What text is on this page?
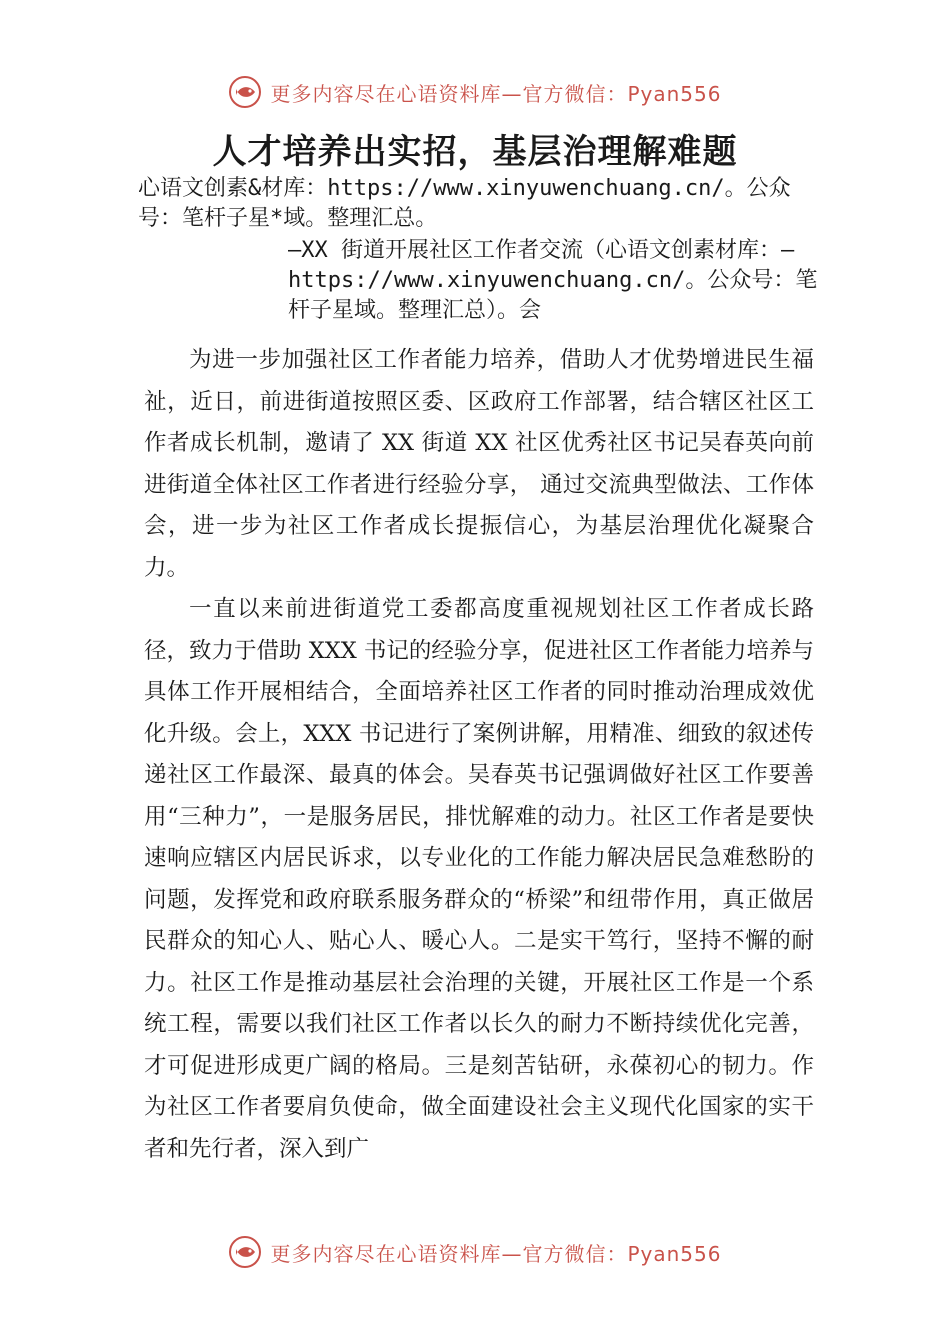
更多内容尽在心语资料库—官方微信：Pyan556
人才培养出实招，基层治理解难题
心语文创素&材库：https://www.xinyuwenchuang.cn/。公众号：笔杆子星*域。整理汇总。
—XX 街道开展社区工作者交流（心语文创素材库：—https://www.xinyuwenchuang.cn/。公众号：笔杆子星域。整理汇总）。会

为进一步加强社区工作者能力培养，借助人才优势增进民生福祉，近日，前进街道按照区委、区政府工作部署，结合辖区社区工作者成长机制，邀请了 XX 街道 XX 社区优秀社区书记吴春英向前进街道全体社区工作者进行经验分享， 通过交流典型做法、工作体会，进一步为社区工作者成长提振信心，为基层治理优化凝聚合力。

一直以来前进街道党工委都高度重视规划社区工作者成长路径，致力于借助 XXX 书记的经验分享，促进社区工作者能力培养与具体工作开展相结合，全面培养社区工作者的同时推动治理成效优化升级。会上，XXX 书记进行了案例讲解，用精准、细致的叙述传递社区工作最深、最真的体会。吴春英书记强调做好社区工作要善用“三种力”，一是服务居民，排忧解难的动力。社区工作者是要快速响应辖区内居民诉求，以专业化的工作能力解决居民急难愁盼的问题，发挥党和政府联系服务群众的“桥梁”和纽带作用，真正做居民群众的知心人、贴心人、暖心人。二是实干笃行，坚持不懈的耐力。社区工作是推动基层社会治理的关键，开展社区工作是一个系统工程，需要以我们社区工作者以长久的耐力不断持续优化完善，才可促进形成更广阔的格局。三是刻苦钻研，永葆初心的韧力。作为社区工作者要肩负使命，做全面建设社会主义现代化国家的实干者和先行者，深入到广

更多内容尽在心语资料库—官方微信：Pyan556
